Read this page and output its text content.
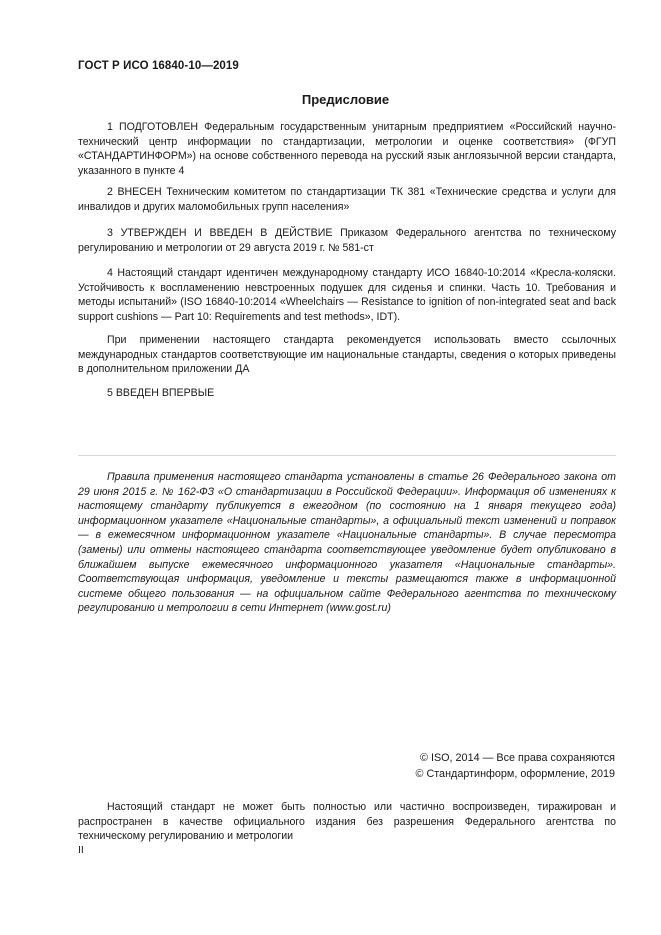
ГОСТ Р ИСО 16840-10—2019
Предисловие

1 ПОДГОТОВЛЕН Федеральным государственным унитарным предприятием «Российский научно-технический центр информации по стандартизации, метрологии и оценке соответствия» (ФГУП «СТАНДАРТИНФОРМ») на основе собственного перевода на русский язык англоязычной версии стандарта, указанного в пункте 4

2 ВНЕСЕН Техническим комитетом по стандартизации ТК 381 «Технические средства и услуги для инвалидов и других маломобильных групп населения»

3 УТВЕРЖДЕН И ВВЕДЕН В ДЕЙСТВИЕ Приказом Федерального агентства по техническому регулированию и метрологии от 29 августа 2019 г. № 581-ст

4 Настоящий стандарт идентичен международному стандарту ИСО 16840-10:2014 «Кресла-коляски. Устойчивость к воспламенению невстроенных подушек для сиденья и спинки. Часть 10. Требования и методы испытаний» (ISO 16840-10:2014 «Wheelchairs — Resistance to ignition of non-integrated seat and back support cushions — Part 10: Requirements and test methods», IDT).

При применении настоящего стандарта рекомендуется использовать вместо ссылочных международных стандартов соответствующие им национальные стандарты, сведения о которых приведены в дополнительном приложении ДА

5 ВВЕДЕН ВПЕРВЫЕ

Правила применения настоящего стандарта установлены в статье 26 Федерального закона от 29 июня 2015 г. № 162-ФЗ «О стандартизации в Российской Федерации». Информация об изменениях к настоящему стандарту публикуется в ежегодном (по состоянию на 1 января текущего года) информационном указателе «Национальные стандарты», а официальный текст изменений и поправок — в ежемесячном информационном указателе «Национальные стандарты». В случае пересмотра (замены) или отмены настоящего стандарта соответствующее уведомление будет опубликовано в ближайшем выпуске ежемесячного информационного указателя «Национальные стандарты». Соответствующая информация, уведомление и тексты размещаются также в информационной системе общего пользования — на официальном сайте Федерального агентства по техническому регулированию и метрологии в сети Интернет (www.gost.ru)

© ISO, 2014 — Все права сохраняются
© Стандартинформ, оформление, 2019

Настоящий стандарт не может быть полностью или частично воспроизведен, тиражирован и распространен в качестве официального издания без разрешения Федерального агентства по техническому регулированию и метрологии

II
